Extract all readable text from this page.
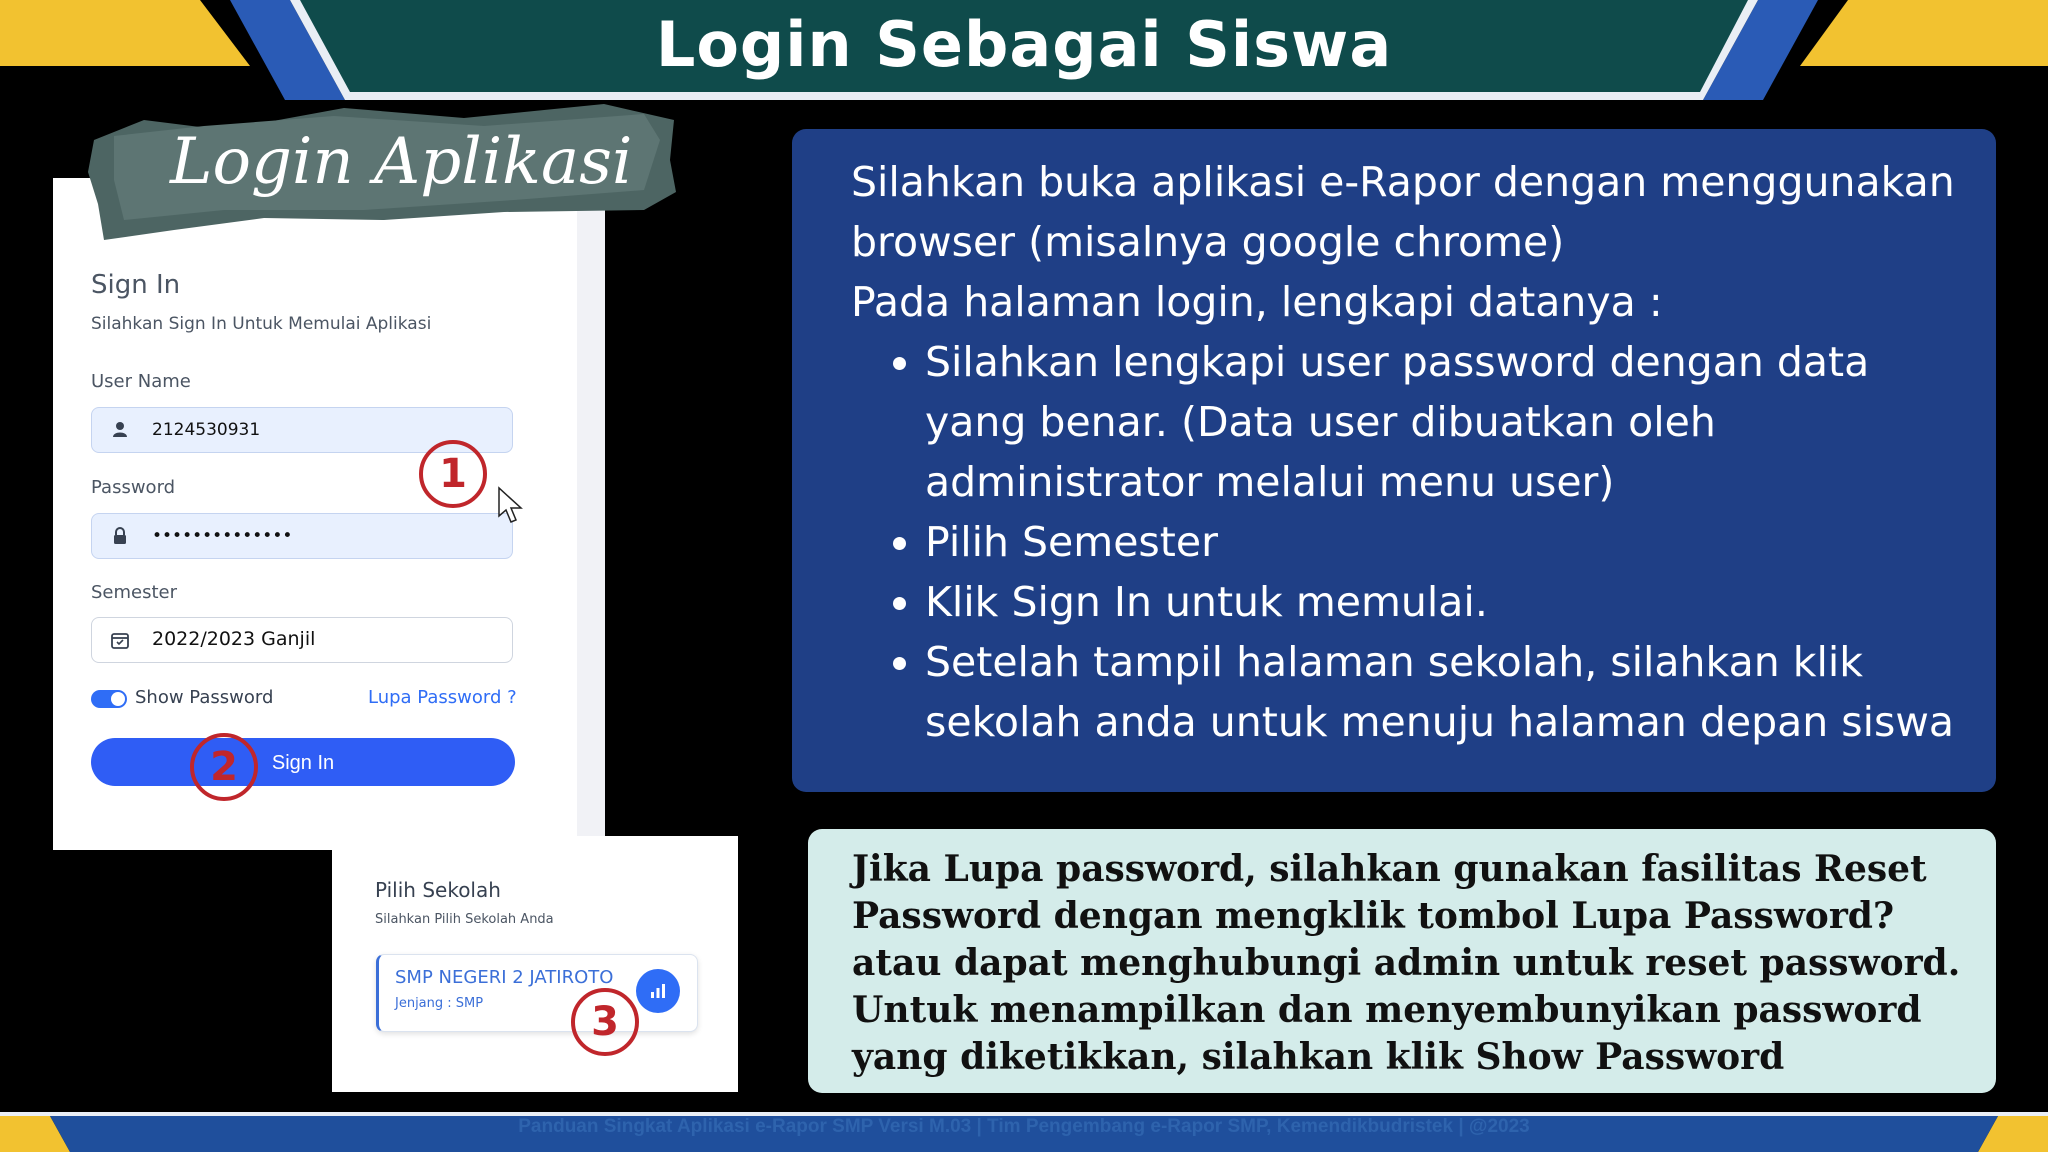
Login Sebagai Siswa
Login Aplikasi
Sign In
Silahkan Sign In Untuk Memulai Aplikasi
User Name
2124530931
Password
••••••••••••••
Semester
2022/2023 Ganjil
Show Password	Lupa Password ?
Sign In
1
2
Pilih Sekolah
Silahkan Pilih Sekolah Anda
SMP NEGERI 2 JATIROTO
Jenjang : SMP	3

Silahkan buka aplikasi e-Rapor dengan menggunakan browser (misalnya google chrome)

Pada halaman login, lengkapi datanya :

• Silahkan lengkapi user password dengan data yang benar. (Data user dibuatkan oleh administrator melalui menu user)
• Pilih Semester
• Klik Sign In untuk memulai.
• Setelah tampil halaman sekolah, silahkan klik sekolah anda untuk menuju halaman depan siswa

Jika Lupa password, silahkan gunakan fasilitas Reset Password dengan mengklik tombol Lupa Password? atau dapat menghubungi admin untuk reset password.

Untuk menampilkan dan menyembunyikan password yang diketikkan, silahkan klik Show Password

Panduan Singkat Aplikasi e-Rapor SMP Versi M.03 | Tim Pengembang e-Rapor SMP, Kemendikbudristek | @2023
